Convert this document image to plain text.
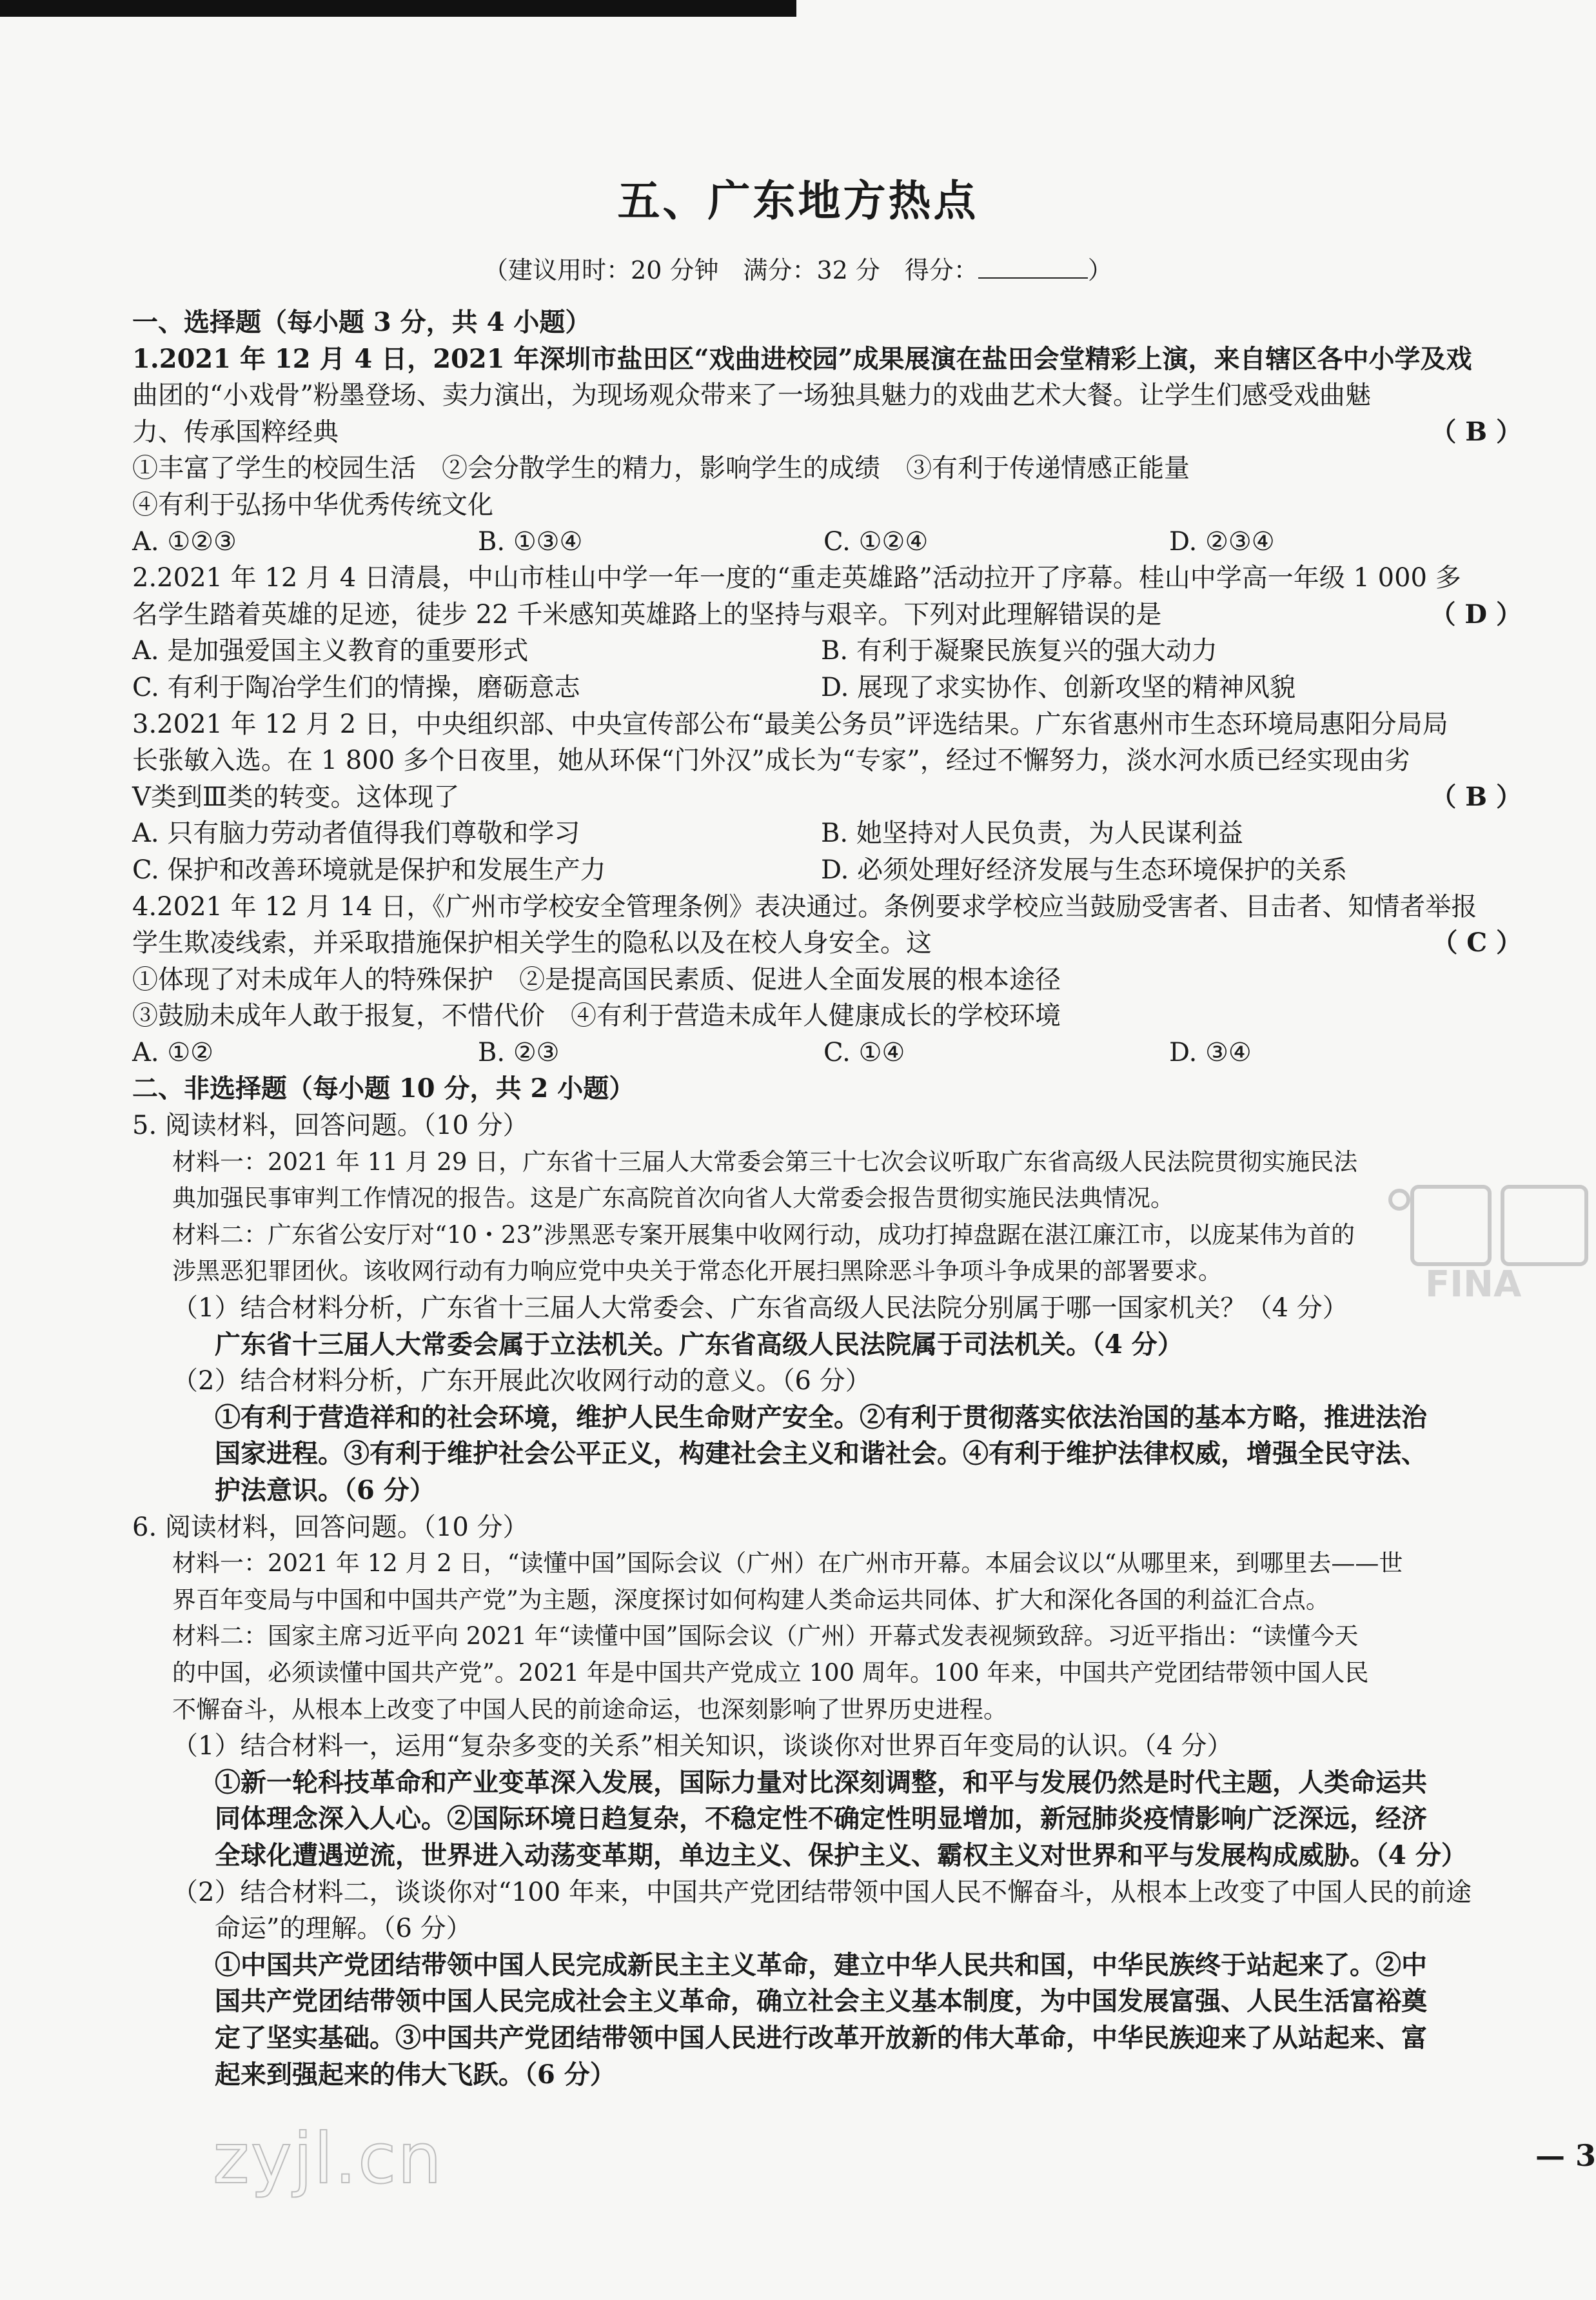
五、广东地方热点
（建议用时：20 分钟　满分：32 分　得分：	）
一、选择题（每小题 3 分，共 4 小题）
1.2021 年 12 月 4 日，2021 年深圳市盐田区“戏曲进校园”成果展演在盐田会堂精彩上演，来自辖区各中小学及戏
曲团的“小戏骨”粉墨登场、卖力演出，为现场观众带来了一场独具魅力的戏曲艺术大餐。让学生们感受戏曲魅
力、传承国粹经典	（ B ）
①丰富了学生的校园生活　②会分散学生的精力，影响学生的成绩　③有利于传递情感正能量
④有利于弘扬中华优秀传统文化
A. ①②③	B. ①③④	C. ①②④	D. ②③④
2.2021 年 12 月 4 日清晨，中山市桂山中学一年一度的“重走英雄路”活动拉开了序幕。桂山中学高一年级 1 000 多
名学生踏着英雄的足迹，徒步 22 千米感知英雄路上的坚持与艰辛。下列对此理解错误的是	（ D ）
A. 是加强爱国主义教育的重要形式	B. 有利于凝聚民族复兴的强大动力
C. 有利于陶冶学生们的情操，磨砺意志	D. 展现了求实协作、创新攻坚的精神风貌
3.2021 年 12 月 2 日，中央组织部、中央宣传部公布“最美公务员”评选结果。广东省惠州市生态环境局惠阳分局局
长张敏入选。在 1 800 多个日夜里，她从环保“门外汉”成长为“专家”，经过不懈努力，淡水河水质已经实现由劣
Ⅴ类到Ⅲ类的转变。这体现了	（ B ）
A. 只有脑力劳动者值得我们尊敬和学习	B. 她坚持对人民负责，为人民谋利益
C. 保护和改善环境就是保护和发展生产力	D. 必须处理好经济发展与生态环境保护的关系
4.2021 年 12 月 14 日，《广州市学校安全管理条例》表决通过。条例要求学校应当鼓励受害者、目击者、知情者举报
学生欺凌线索，并采取措施保护相关学生的隐私以及在校人身安全。这	（ C ）
①体现了对未成年人的特殊保护　②是提高国民素质、促进人全面发展的根本途径
③鼓励未成年人敢于报复，不惜代价　④有利于营造未成年人健康成长的学校环境
A. ①②	B. ②③	C. ①④	D. ③④
二、非选择题（每小题 10 分，共 2 小题）
5. 阅读材料，回答问题。（10 分）
材料一：2021 年 11 月 29 日，广东省十三届人大常委会第三十七次会议听取广东省高级人民法院贯彻实施民法
典加强民事审判工作情况的报告。这是广东高院首次向省人大常委会报告贯彻实施民法典情况。
材料二：广东省公安厅对“10・23”涉黑恶专案开展集中收网行动，成功打掉盘踞在湛江廉江市，以庞某伟为首的
涉黑恶犯罪团伙。该收网行动有力响应党中央关于常态化开展扫黑除恶斗争项斗争成果的部署要求。
（1）结合材料分析，广东省十三届人大常委会、广东省高级人民法院分别属于哪一国家机关？（4 分）
广东省十三届人大常委会属于立法机关。广东省高级人民法院属于司法机关。（4 分）
（2）结合材料分析，广东开展此次收网行动的意义。（6 分）
①有利于营造祥和的社会环境，维护人民生命财产安全。②有利于贯彻落实依法治国的基本方略，推进法治
国家进程。③有利于维护社会公平正义，构建社会主义和谐社会。④有利于维护法律权威，增强全民守法、
护法意识。（6 分）
6. 阅读材料，回答问题。（10 分）
材料一：2021 年 12 月 2 日，“读懂中国”国际会议（广州）在广州市开幕。本届会议以“从哪里来，到哪里去——世
界百年变局与中国和中国共产党”为主题，深度探讨如何构建人类命运共同体、扩大和深化各国的利益汇合点。
材料二：国家主席习近平向 2021 年“读懂中国”国际会议（广州）开幕式发表视频致辞。习近平指出：“读懂今天
的中国，必须读懂中国共产党”。2021 年是中国共产党成立 100 周年。100 年来，中国共产党团结带领中国人民
不懈奋斗，从根本上改变了中国人民的前途命运，也深刻影响了世界历史进程。
（1）结合材料一，运用“复杂多变的关系”相关知识，谈谈你对世界百年变局的认识。（4 分）
①新一轮科技革命和产业变革深入发展，国际力量对比深刻调整，和平与发展仍然是时代主题，人类命运共
同体理念深入人心。②国际环境日趋复杂，不稳定性不确定性明显增加，新冠肺炎疫情影响广泛深远，经济
全球化遭遇逆流，世界进入动荡变革期，单边主义、保护主义、霸权主义对世界和平与发展构成威胁。（4 分）
（2）结合材料二，谈谈你对“100 年来，中国共产党团结带领中国人民不懈奋斗，从根本上改变了中国人民的前途
命运”的理解。（6 分）
①中国共产党团结带领中国人民完成新民主主义革命，建立中华人民共和国，中华民族终于站起来了。②中
国共产党团结带领中国人民完成社会主义革命，确立社会主义基本制度，为中国发展富强、人民生活富裕奠
定了坚实基础。③中国共产党团结带领中国人民进行改革开放新的伟大革命，中华民族迎来了从站起来、富
起来到强起来的伟大飞跃。（6 分）
FINA
zyjl.cn	— 3
